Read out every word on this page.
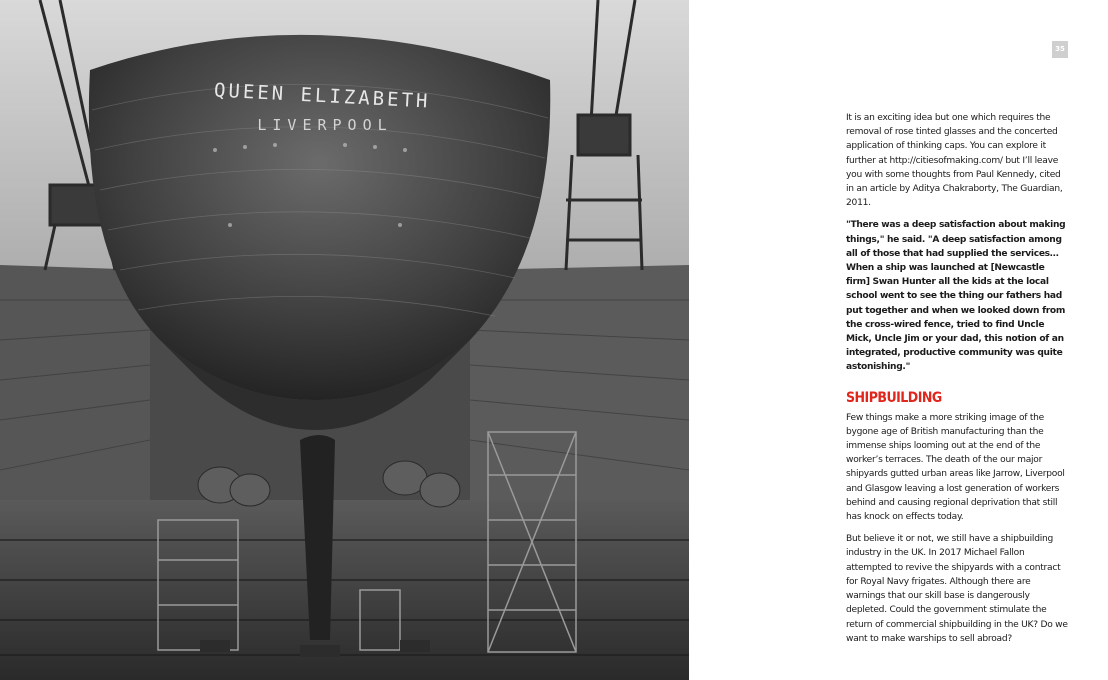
QUEEN ELIZABETH
LIVERPOOL
35

It is an exciting idea but one which requires the removal of rose tinted glasses and the concerted application of thinking caps. You can explore it further at http://citiesofmaking.com/ but I’ll leave you with some thoughts from Paul Kennedy, cited in an article by Aditya Chakraborty, The Guardian, 2011.

"There was a deep satisfaction about making things," he said. "A deep satisfaction among all of those that had supplied the services…When a ship was launched at [Newcastle firm] Swan Hunter all the kids at the local school went to see the thing our fathers had put together and when we looked down from the cross-wired fence, tried to find Uncle Mick, Uncle Jim or your dad, this notion of an integrated, productive community was quite astonishing."

SHIPBUILDING

Few things make a more striking image of the bygone age of British manufacturing than the immense ships looming out at the end of the worker’s terraces. The death of the our major shipyards gutted urban areas like Jarrow, Liverpool and Glasgow leaving a lost generation of workers behind and causing regional deprivation that still has knock on effects today.

But believe it or not, we still have a shipbuilding industry in the UK. In 2017 Michael Fallon attempted to revive the shipyards with a contract for Royal Navy frigates. Although there are warnings that our skill base is dangerously depleted. Could the government stimulate the return of commercial shipbuilding in the UK? Do we want to make warships to sell abroad?
